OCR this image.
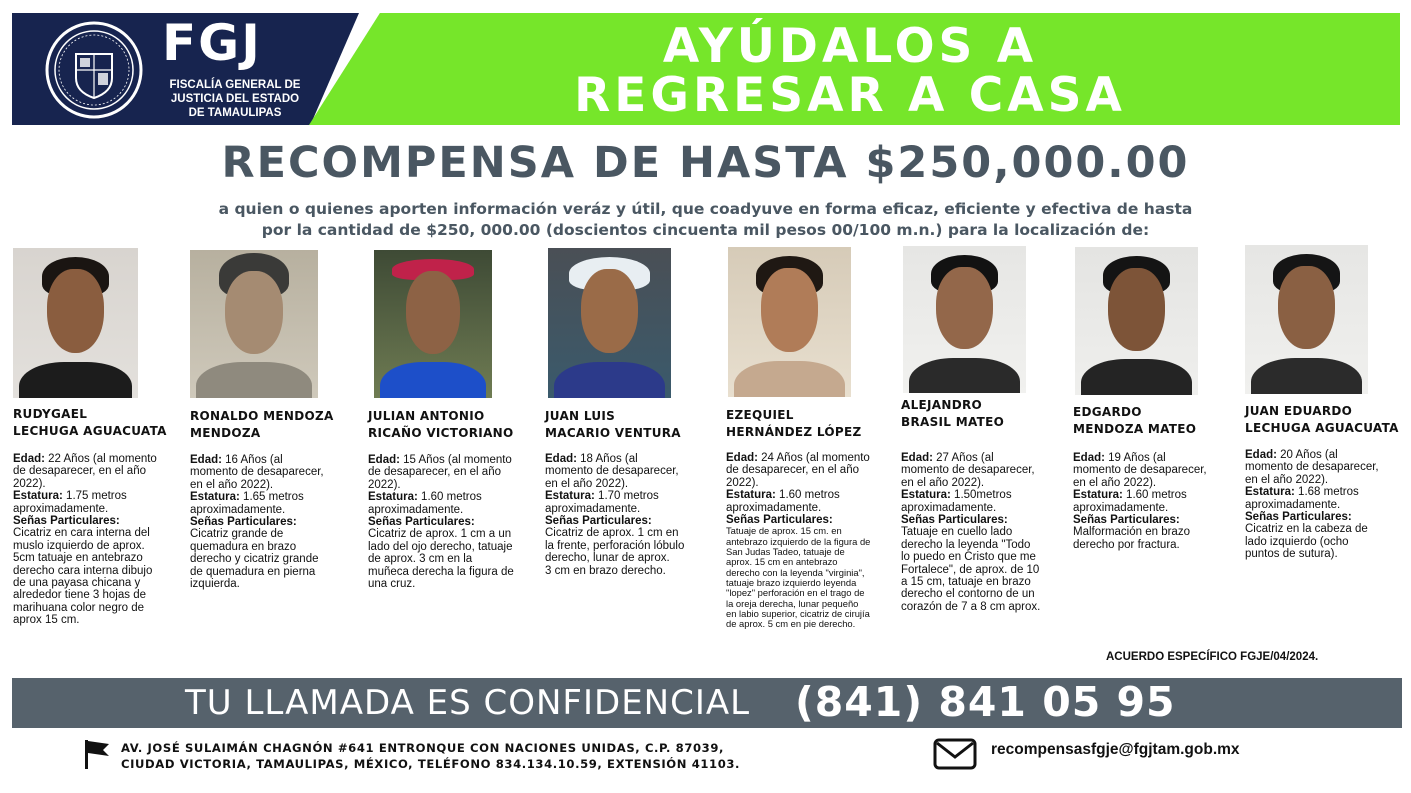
FGJ
FISCALÍA GENERAL DE
JUSTICIA DEL ESTADO
DE TAMAULIPAS
AYÚDALOS A
REGRESAR A CASA
RECOMPENSA DE HASTA $250,000.00
a quien o quienes aporten información veráz y útil, que coadyuve en forma eficaz, eficiente y efectiva de hasta
por la cantidad de $250, 000.00 (doscientos cincuenta mil pesos 00/100 m.n.) para la localización de:
RUDYGAEL
LECHUGA AGUACUATA
Edad: 22 Años (al momento de desaparecer, en el año 2022).
Estatura: 1.75 metros aproximadamente.
Señas Particulares:
Cicatriz en cara interna del muslo izquierdo de aprox. 5cm tatuaje en antebrazo derecho cara interna dibujo de una payasa chicana y alrededor tiene 3 hojas de marihuana color negro de aprox 15 cm.
RONALDO MENDOZA
MENDOZA
Edad: 16 Años (al momento de desaparecer, en el año 2022).
Estatura: 1.65 metros aproximadamente.
Señas Particulares:
Cicatriz grande de quemadura en brazo derecho y cicatriz grande de quemadura en pierna izquierda.
JULIAN ANTONIO
RICAÑO VICTORIANO
Edad: 15 Años (al momento de desaparecer, en el año 2022).
Estatura: 1.60 metros aproximadamente.
Señas Particulares:
Cicatriz de aprox. 1 cm a un lado del ojo derecho, tatuaje de aprox. 3 cm en la muñeca derecha la figura de una cruz.
JUAN LUIS
MACARIO VENTURA
Edad: 18 Años (al momento de desaparecer, en el año 2022).
Estatura: 1.70 metros aproximadamente.
Señas Particulares:
Cicatriz de aprox. 1 cm en la frente, perforación lóbulo derecho, lunar de aprox.
3 cm en brazo derecho.
EZEQUIEL
HERNÁNDEZ LÓPEZ
Edad: 24 Años (al momento de desaparecer, en el año 2022).
Estatura: 1.60 metros aproximadamente.
Señas Particulares:
Tatuaje de aprox. 15 cm. en antebrazo izquierdo de la figura de San Judas Tadeo, tatuaje de aprox. 15 cm en antebrazo derecho con la leyenda "virginia", tatuaje brazo izquierdo leyenda "lopez" perforación en el trago de la oreja derecha, lunar pequeño en labio superior, cicatriz de cirujía de aprox. 5 cm en pie derecho.
ALEJANDRO
BRASIL MATEO
Edad: 27 Años (al momento de desaparecer, en el año 2022).
Estatura: 1.50metros aproximadamente.
Señas Particulares:
Tatuaje en cuello lado derecho la leyenda "Todo lo puedo en Cristo que me Fortalece", de aprox. de 10 a 15 cm, tatuaje en brazo derecho el contorno de un corazón de 7 a 8 cm aprox.
EDGARDO
MENDOZA MATEO
Edad: 19 Años (al momento de desaparecer, en el año 2022).
Estatura: 1.60 metros aproximadamente.
Señas Particulares:
Malformación en brazo derecho por fractura.
JUAN EDUARDO
LECHUGA AGUACUATA
Edad: 20 Años (al momento de desaparecer, en el año 2022).
Estatura: 1.68 metros aproximadamente.
Señas Particulares:
Cicatriz en la cabeza de lado izquierdo (ocho puntos de sutura).
ACUERDO ESPECÍFICO FGJE/04/2024.
TU LLAMADA ES CONFIDENCIAL (841) 841 05 95
AV. JOSÉ SULAIMÁN CHAGNÓN #641 ENTRONQUE CON NACIONES UNIDAS, C.P. 87039,
CIUDAD VICTORIA, TAMAULIPAS, MÉXICO, TELÉFONO 834.134.10.59, EXTENSIÓN 41103.
recompensasfgje@fgjtam.gob.mx
